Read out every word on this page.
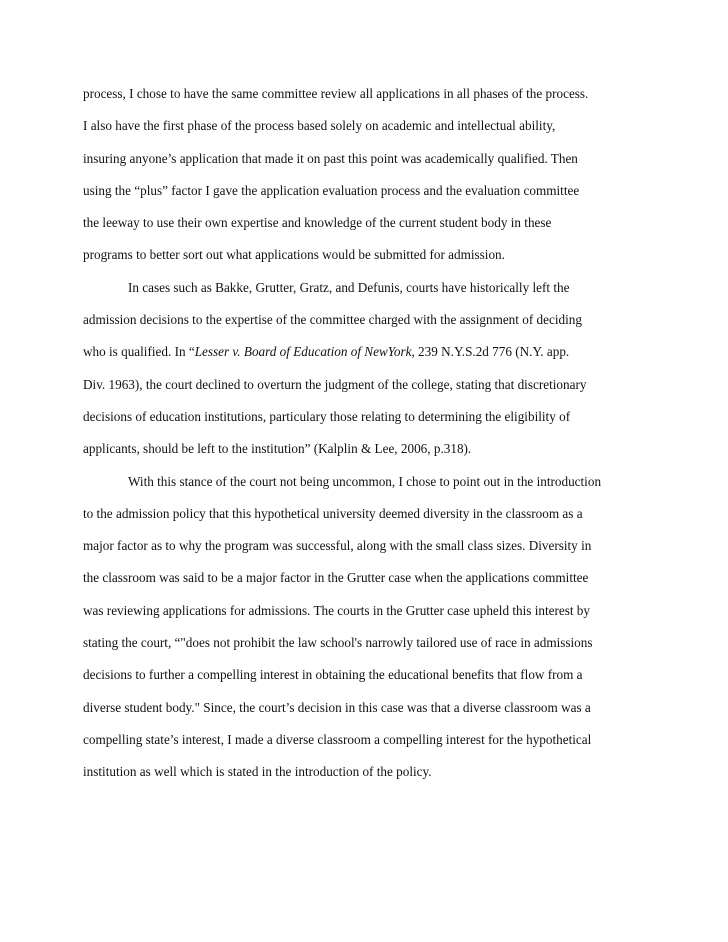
process, I chose to have the same committee review all applications in all phases of the process.
I also have the first phase of the process based solely on academic and intellectual ability,
insuring anyone’s application that made it on past this point was academically qualified. Then
using the “plus” factor I gave the application evaluation process and the evaluation committee
the leeway to use their own expertise and knowledge of the current student body in these
programs to better sort out what applications would be submitted for admission.
In cases such as Bakke, Grutter, Gratz, and Defunis, courts have historically left the
admission decisions to the expertise of the committee charged with the assignment of deciding
who is qualified. In “Lesser v. Board of Education of NewYork, 239 N.Y.S.2d 776 (N.Y. app.
Div. 1963), the court declined to overturn the judgment of the college, stating that discretionary
decisions of education institutions, particulary those relating to determining the eligibility of
applicants, should be left to the institution” (Kalplin & Lee, 2006, p.318).
With this stance of the court not being uncommon, I chose to point out in the introduction
to the admission policy that this hypothetical university deemed diversity in the classroom as a
major factor as to why the program was successful, along with the small class sizes. Diversity in
the classroom was said to be a major factor in the Grutter case when the applications committee
was reviewing applications for admissions. The courts in the Grutter case upheld this interest by
stating the court, “"does not prohibit the law school's narrowly tailored use of race in admissions
decisions to further a compelling interest in obtaining the educational benefits that flow from a
diverse student body." Since, the court’s decision in this case was that a diverse classroom was a
compelling state’s interest, I made a diverse classroom a compelling interest for the hypothetical
institution as well which is stated in the introduction of the policy.
